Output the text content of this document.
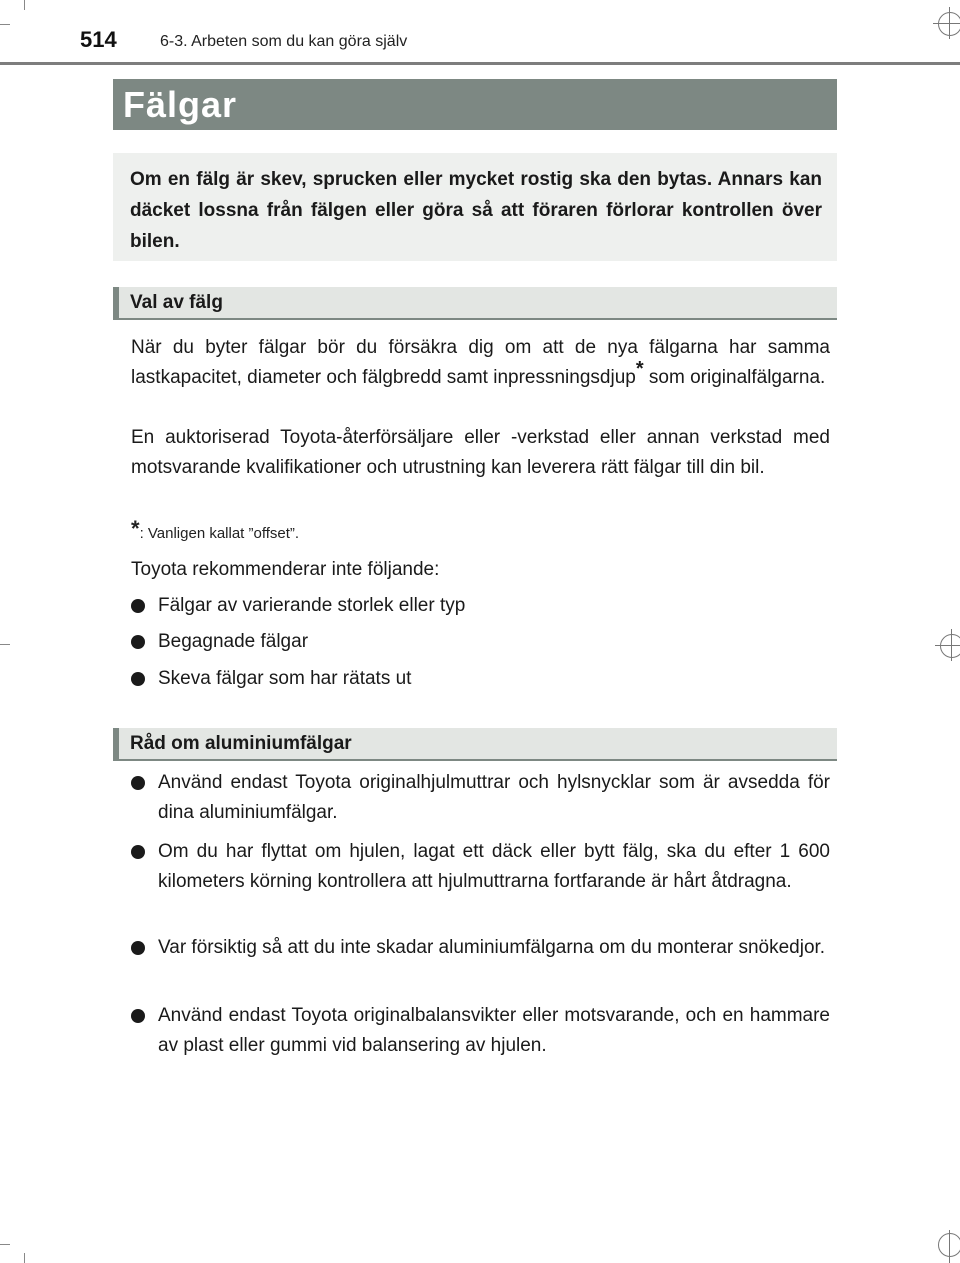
514	6-3. Arbeten som du kan göra själv
Fälgar

Om en fälg är skev, sprucken eller mycket rostig ska den bytas. Annars kan däcket lossna från fälgen eller göra så att föraren förlorar kontrollen över bilen.

Val av fälg

När du byter fälgar bör du försäkra dig om att de nya fälgarna har samma lastkapacitet, diameter och fälgbredd samt inpressningsdjup* som originalfälgarna.

En auktoriserad Toyota-återförsäljare eller -verkstad eller annan verkstad med motsvarande kvalifikationer och utrustning kan leverera rätt fälgar till din bil.

*: Vanligen kallat ”offset”.
Toyota rekommenderar inte följande:

Fälgar av varierande storlek eller typ

Begagnade fälgar

Skeva fälgar som har rätats ut

Råd om aluminiumfälgar

Använd endast Toyota originalhjulmuttrar och hylsnycklar som är avsedda för dina aluminiumfälgar.

Om du har flyttat om hjulen, lagat ett däck eller bytt fälg, ska du efter 1 600 kilometers körning kontrollera att hjulmuttrarna fortfarande är hårt åtdragna.

Var försiktig så att du inte skadar aluminiumfälgarna om du monterar snökedjor.

Använd endast Toyota originalbalansvikter eller motsvarande, och en hammare av plast eller gummi vid balansering av hjulen.
